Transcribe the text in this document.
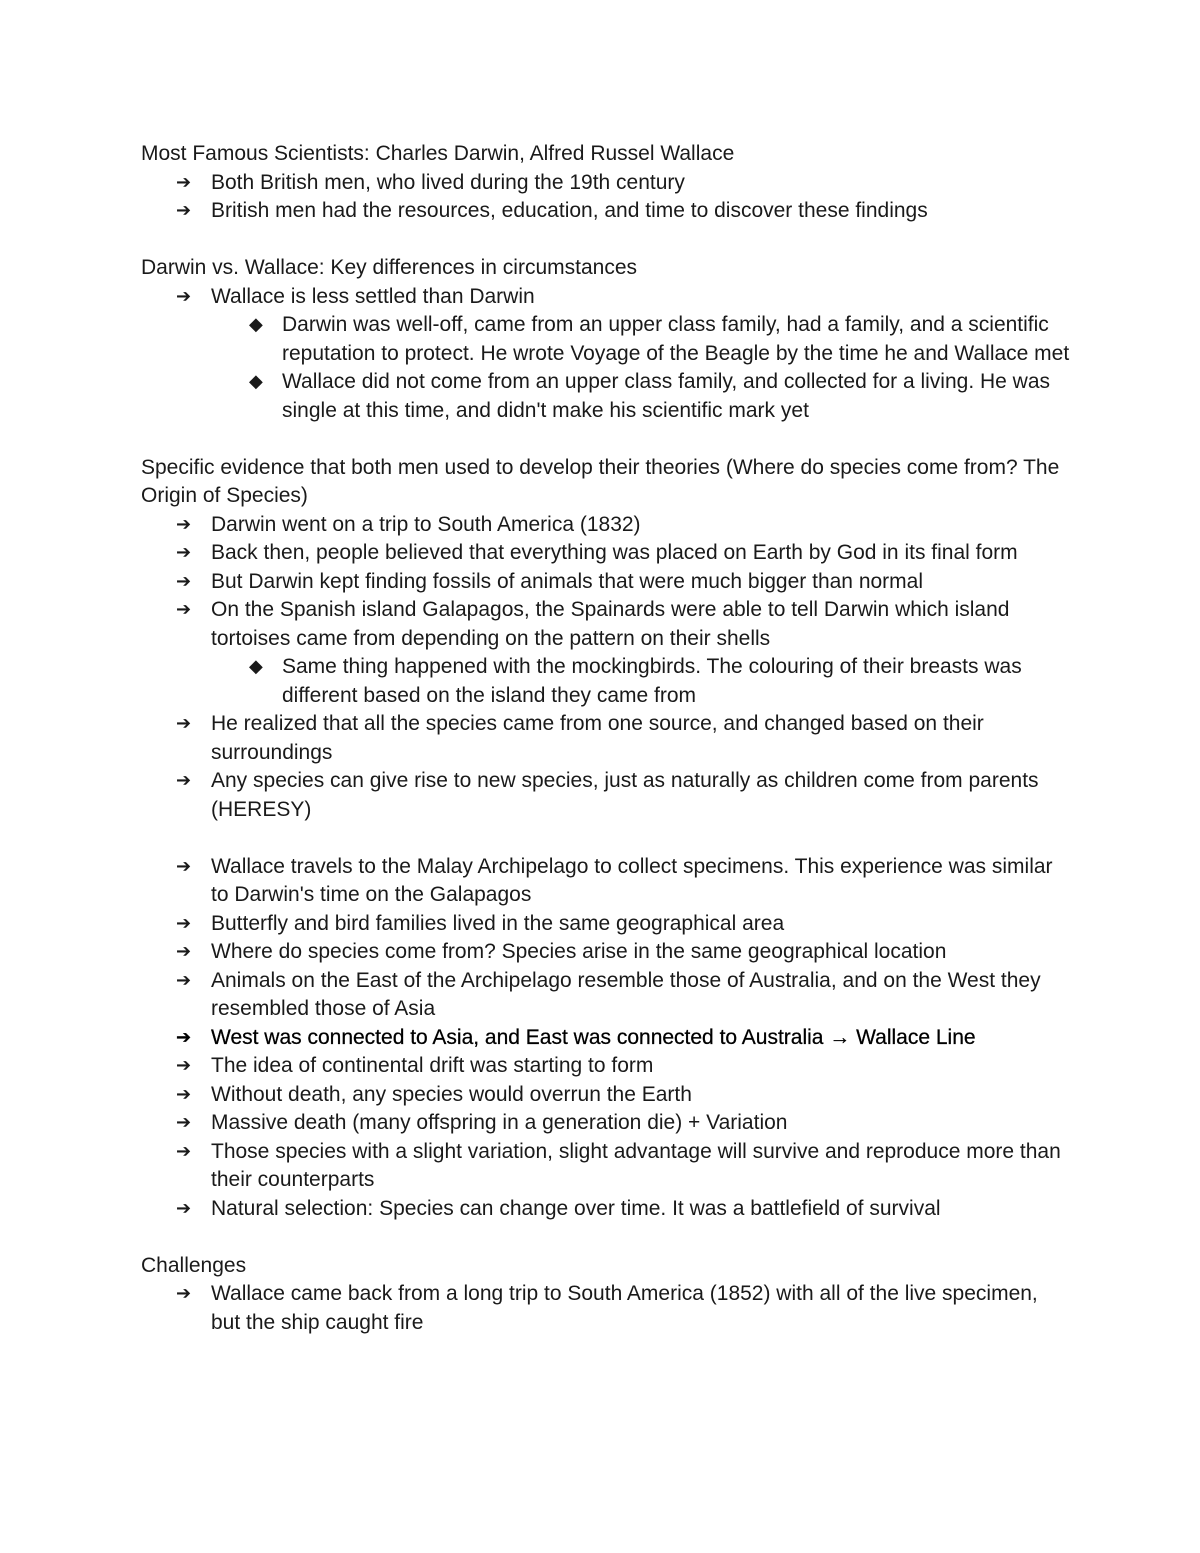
Most Famous Scientists: Charles Darwin, Alfred Russel Wallace

➔ Both British men, who lived during the 19th century
➔ British men had the resources, education, and time to discover these findings

Darwin vs. Wallace: Key differences in circumstances

➔ Wallace is less settled than Darwin
◆ Darwin was well-off, came from an upper class family, had a family, and a scientific reputation to protect. He wrote Voyage of the Beagle by the time he and Wallace met
◆ Wallace did not come from an upper class family, and collected for a living. He was single at this time, and didn't make his scientific mark yet

Specific evidence that both men used to develop their theories (Where do species come from? The Origin of Species)

➔ Darwin went on a trip to South America (1832)
➔ Back then, people believed that everything was placed on Earth by God in its final form
➔ But Darwin kept finding fossils of animals that were much bigger than normal
➔ On the Spanish island Galapagos, the Spainards were able to tell Darwin which island tortoises came from depending on the pattern on their shells
◆ Same thing happened with the mockingbirds. The colouring of their breasts was different based on the island they came from
➔ He realized that all the species came from one source, and changed based on their surroundings
➔ Any species can give rise to new species, just as naturally as children come from parents (HERESY)
➔ Wallace travels to the Malay Archipelago to collect specimens. This experience was similar to Darwin's time on the Galapagos
➔ Butterfly and bird families lived in the same geographical area
➔ Where do species come from? Species arise in the same geographical location
➔ Animals on the East of the Archipelago resemble those of Australia, and on the West they resembled those of Asia
➔ West was connected to Asia, and East was connected to Australia → Wallace Line
➔ The idea of continental drift was starting to form
➔ Without death, any species would overrun the Earth
➔ Massive death (many offspring in a generation die) + Variation
➔ Those species with a slight variation, slight advantage will survive and reproduce more than their counterparts
➔ Natural selection: Species can change over time. It was a battlefield of survival

Challenges

➔ Wallace came back from a long trip to South America (1852) with all of the live specimen, but the ship caught fire
